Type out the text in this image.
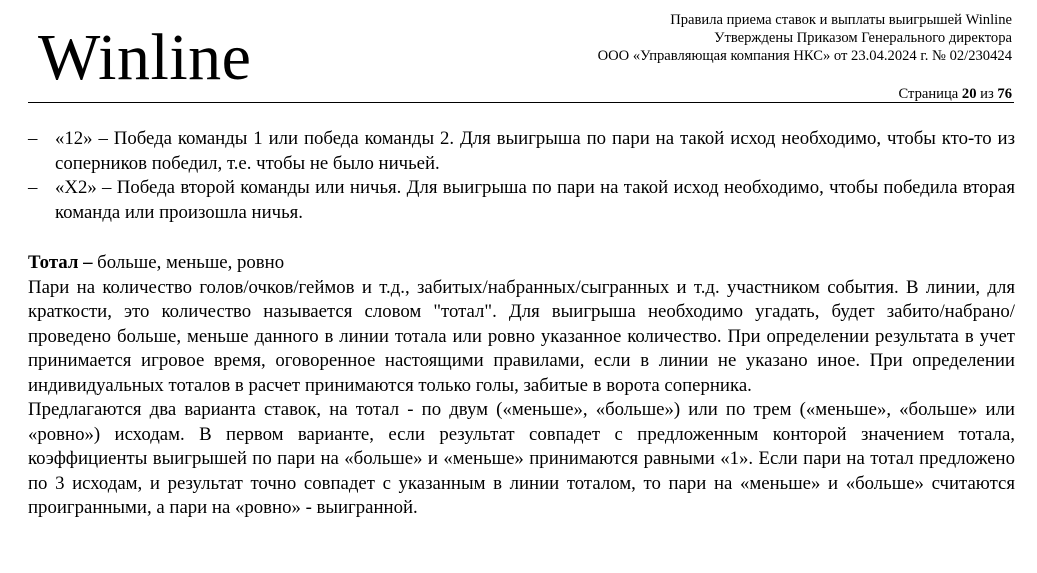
Winline
Правила приема ставок и выплаты выигрышей Winline
Утверждены Приказом Генерального директора
ООО «Управляющая компания НКС» от 23.04.2024 г. № 02/230424
Страница 20 из 76
– «12» – Победа команды 1 или победа команды 2. Для выигрыша по пари на такой исход необходимо, чтобы кто-то из соперников победил, т.е. чтобы не было ничьей.
– «Х2» – Победа второй команды или ничья. Для выигрыша по пари на такой исход необходимо, чтобы победила вторая команда или произошла ничья.
Тотал – больше, меньше, ровно
Пари на количество голов/очков/геймов и т.д., забитых/набранных/сыгранных и т.д. участником события. В линии, для краткости, это количество называется словом "тотал". Для выигрыша необходимо угадать, будет забито/набрано/проведено больше, меньше данного в линии тотала или ровно указанное количество. При определении результата в учет принимается игровое время, оговоренное настоящими правилами, если в линии не указано иное. При определении индивидуальных тоталов в расчет принимаются только голы, забитые в ворота соперника.
Предлагаются два варианта ставок, на тотал - по двум («меньше», «больше») или по трем («меньше», «больше» или «ровно») исходам. В первом варианте, если результат совпадет с предложенным конторой значением тотала, коэффициенты выигрышей по пари на «больше» и «меньше» принимаются равными «1». Если пари на тотал предложено по 3 исходам, и результат точно совпадет с указанным в линии тоталом, то пари на «меньше» и «больше» считаются проигранными, а пари на «ровно» - выигранной.
